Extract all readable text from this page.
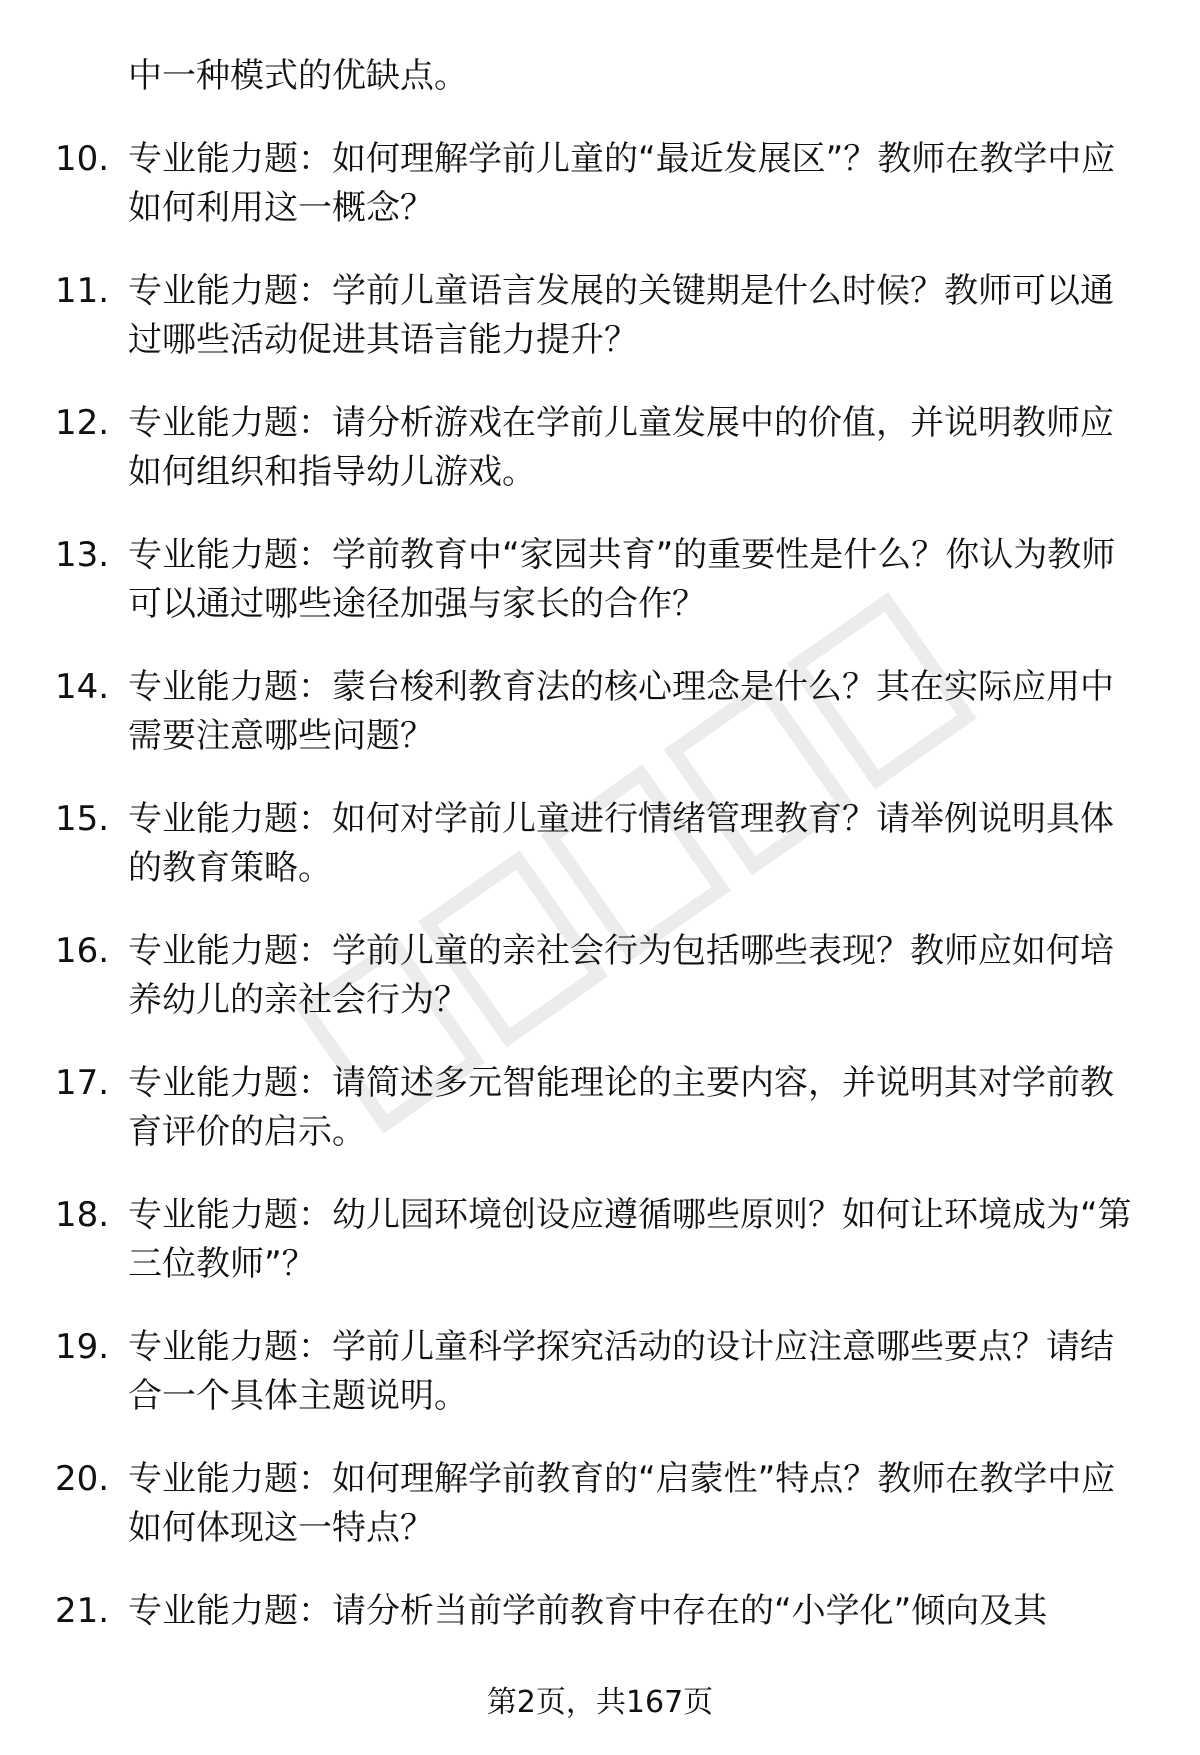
中一种模式的优缺点。
10. 专业能力题：如何理解学前儿童的“最近发展区”？教师在教学中应如何利用这一概念？
11. 专业能力题：学前儿童语言发展的关键期是什么时候？教师可以通过哪些活动促进其语言能力提升？
12. 专业能力题：请分析游戏在学前儿童发展中的价值，并说明教师应如何组织和指导幼儿游戏。
13. 专业能力题：学前教育中“家园共育”的重要性是什么？你认为教师可以通过哪些途径加强与家长的合作？
14. 专业能力题：蒙台梭利教育法的核心理念是什么？其在实际应用中需要注意哪些问题？
15. 专业能力题：如何对学前儿童进行情绪管理教育？请举例说明具体的教育策略。
16. 专业能力题：学前儿童的亲社会行为包括哪些表现？教师应如何培养幼儿的亲社会行为？
17. 专业能力题：请简述多元智能理论的主要内容，并说明其对学前教育评价的启示。
18. 专业能力题：幼儿园环境创设应遵循哪些原则？如何让环境成为“第三位教师”？
19. 专业能力题：学前儿童科学探究活动的设计应注意哪些要点？请结合一个具体主题说明。
20. 专业能力题：如何理解学前教育的“启蒙性”特点？教师在教学中应如何体现这一特点？
21. 专业能力题：请分析当前学前教育中存在的“小学化”倾向及其
第2页，共167页
